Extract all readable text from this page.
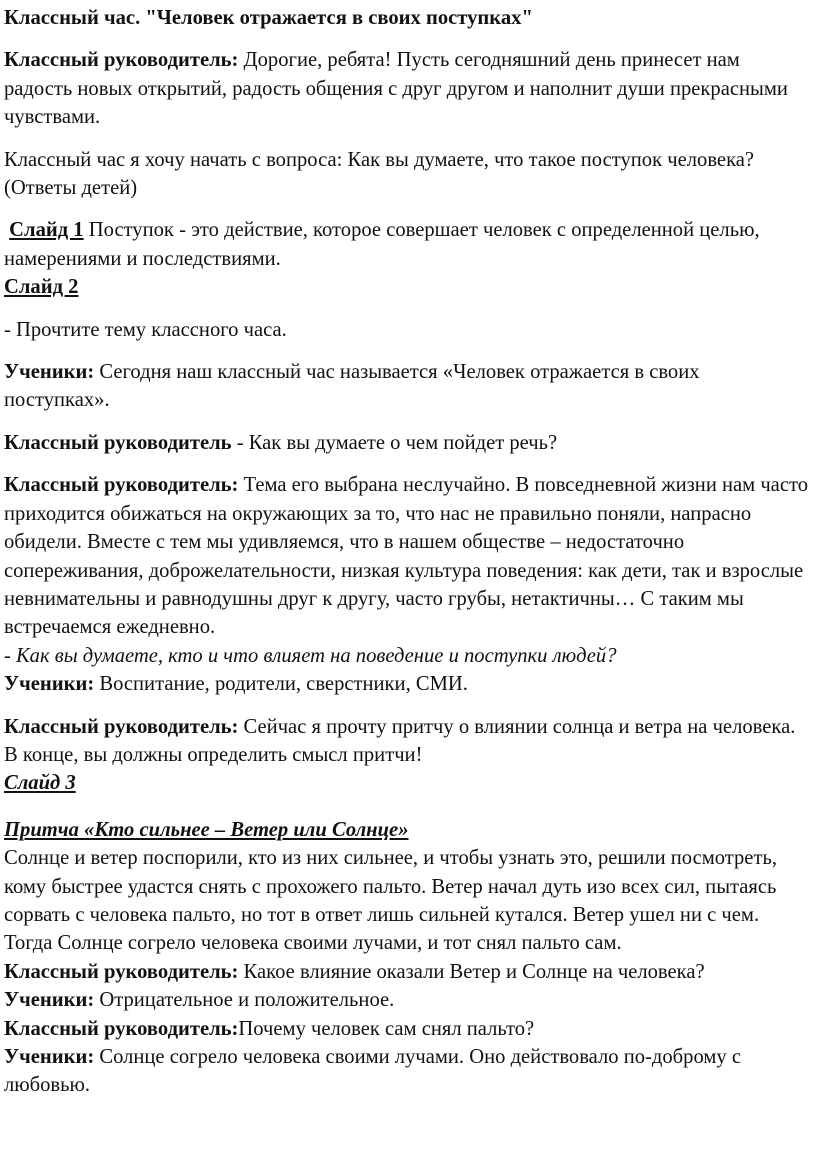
Классный час. "Человек отражается в своих поступках"

Классный руководитель: Дорогие, ребята! Пусть сегодняшний день принесет нам радость новых открытий, радость общения с друг другом и наполнит души прекрасными чувствами.

Классный час я хочу начать с вопроса: Как вы думаете, что такое поступок человека? (Ответы детей)

Слайд 1 Поступок - это действие, которое совершает человек с определенной целью, намерениями и последствиями.

Слайд 2

- Прочтите тему классного часа.

Ученики: Сегодня наш классный час называется «Человек отражается в своих поступках».

Классный руководитель - Как вы думаете о чем пойдет речь?

Классный руководитель: Тема его выбрана неслучайно. В повседневной жизни нам часто приходится обижаться на окружающих за то, что нас не правильно поняли, напрасно обидели. Вместе с тем мы удивляемся, что в нашем обществе – недостаточно сопереживания, доброжелательности, низкая культура поведения: как дети, так и взрослые невнимательны и равнодушны друг к другу, часто грубы, нетактичны… С таким мы встречаемся ежедневно.

- Как вы думаете, кто и что влияет на поведение и поступки людей?

Ученики: Воспитание, родители, сверстники, СМИ.

Классный руководитель: Сейчас я прочту притчу о влиянии солнца и ветра на человека. В конце, вы должны определить смысл притчи!

Слайд 3

Притча «Кто сильнее – Ветер или Солнце»

Солнце и ветер поспорили, кто из них сильнее, и чтобы узнать это, решили посмотреть, кому быстрее удастся снять с прохожего пальто. Ветер начал дуть изо всех сил, пытаясь сорвать с человека пальто, но тот в ответ лишь сильней кутался. Ветер ушел ни с чем. Тогда Солнце согрело человека своими лучами, и тот снял пальто сам.

Классный руководитель: Какое влияние оказали Ветер и Солнце на человека?

Ученики: Отрицательное и положительное.

Классный руководитель:Почему человек сам снял пальто?

Ученики: Солнце согрело человека своими лучами. Оно действовало по-доброму с любовью.
